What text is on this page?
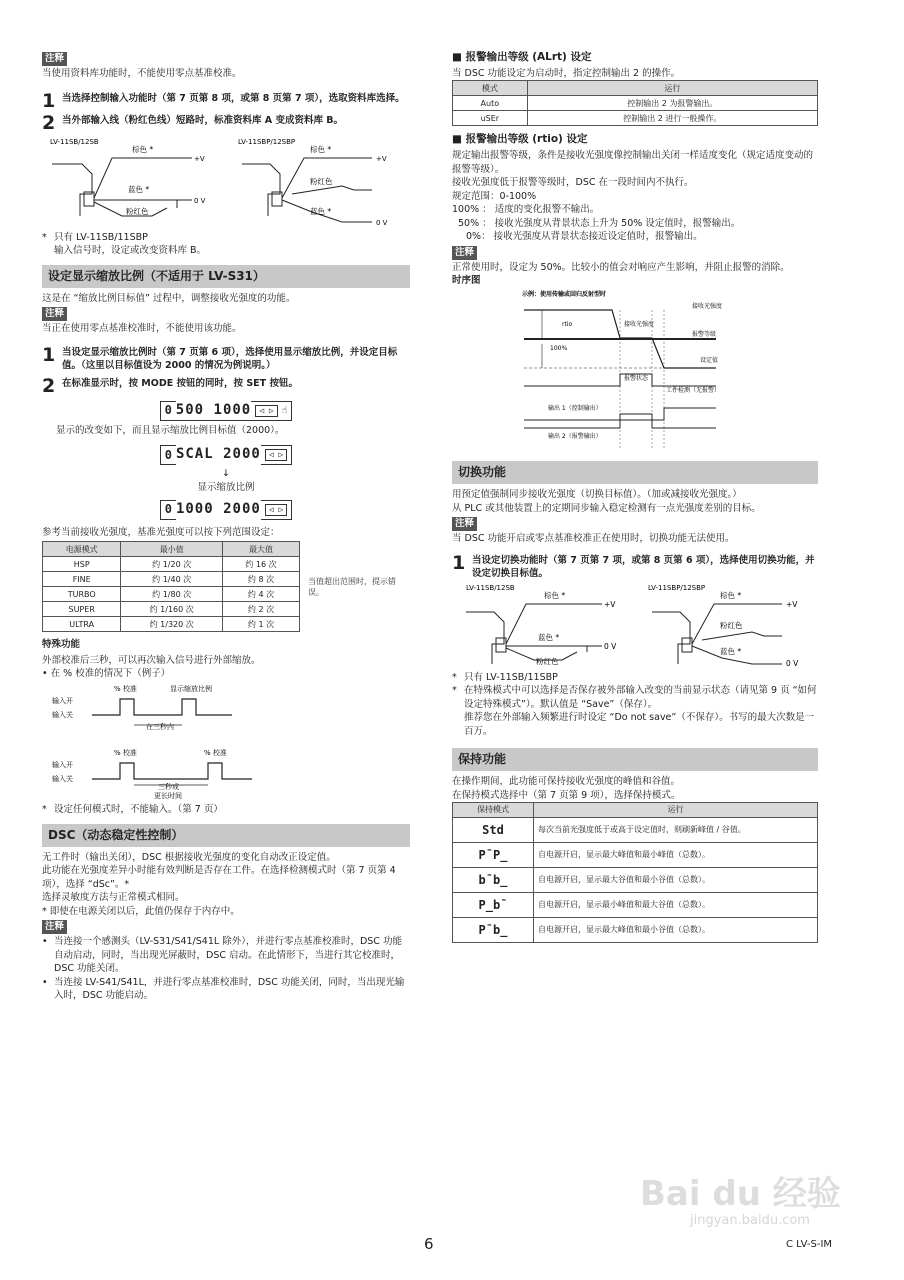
注释

当使用资料库功能时，不能使用零点基准校准。

1 当选择控制输入功能时（第 7 页第 8 项，或第 8 页第 7 项），选取资料库选择。
2 当外部输入线（粉红色线）短路时，标准资料库 A 变成资料库 B。
LV-11SB/12SB	LV-11SBP/12SBP
棕色 *
+V
蓝色 *
0 V
粉红色
棕色 *
+V
粉红色
蓝色 *
0 V
* 只有 LV-11SB/11SBP
输入信号时，设定或改变资料库 B。
设定显示缩放比例（不适用于 LV-S31）

这是在 “缩放比例目标值” 过程中，调整接收光强度的功能。

注释

当正在使用零点基准校准时，不能使用该功能。

1 当设定显示缩放比例时（第 7 页第 6 项），选择使用显示缩放比例，并设定目标值。（这里以目标值设为 2000 的情况为例说明。）
2 在标准显示时，按 MODE 按钮的同时，按 SET 按钮。
0 500 1000	◁ ▷ ☝

显示的改变如下，而且显示缩放比例目标值（2000）。

0 SCAL 2000	◁ ▷

↓

显示缩放比例

0 1000 2000	◁ ▷

参考当前接收光强度，基准光强度可以按下列范围设定：

电源模式	最小值	最大值
HSP	约 1/20 次	约 16 次
FINE	约 1/40 次	约 8 次
TURBO	约 1/80 次	约 4 次
SUPER	约 1/160 次	约 2 次
ULTRA	约 1/320 次	约 1 次

当值超出范围时，提示错误。

特殊功能

外部校准后三秒，可以再次输入信号进行外部缩放。

• 在 % 校准的情况下（例子）

输入开
输入关
% 校准	显示缩放比例
在三秒内
输入开
输入关
% 校准	% 校准
三秒或
更长时间
* 设定任何模式时，不能输入。（第 7 页）
DSC（动态稳定性控制）

无工件时（输出关闭），DSC 根据接收光强度的变化自动改正设定值。

此功能在光强度差异小时能有效判断是否存在工件。在选择检测模式时（第 7 页第 4 项），选择 “dSc”。*

选择灵敏度方法与正常模式相同。

* 即使在电源关闭以后，此值仍保存于内存中。

注释
• 当连接一个感测头（LV-S31/S41/S41L 除外），并进行零点基准校准时，DSC 功能自动启动，同时，当出现光屏蔽时，DSC 启动。在此情形下，当进行其它校准时，DSC 功能关闭。
• 当连接 LV-S41/S41L，并进行零点基准校准时，DSC 功能关闭，同时，当出现光输入时，DSC 功能启动。

■ 报警输出等级 (ALrt) 设定

当 DSC 功能设定为启动时，指定控制输出 2 的操作。

模式	运行
Auto	控制输出 2 为报警输出。
uSEr	控制输出 2 进行一般操作。

■ 报警输出等级 (rtio) 设定

规定输出报警等级，条件是接收光强度像控制输出关闭一样适度变化（规定适度变动的报警等级）。

接收光强度低于报警等级时，DSC 在一段时间内不执行。

规定范围：0-100%

100% ： 适度的变化报警不输出。

50% ： 接收光强度从背景状态上升为 50% 设定值时，报警输出。

0%： 接收光强度从背景状态接近设定值时，报警输出。

注释

正常使用时，设定为 50%。比较小的值会对响应产生影响，并阻止报警的消除。

时序图

示例：使用传输或回归反射型时
接收光强度
rtio	接收光强度
报警等级
100%
设定值
报警状态
工件检测（无报警）
输出 1（控制输出）
输出 2（报警输出）
切换功能

用预定值强制同步接收光强度（切换目标值）。（加或减接收光强度。）

从 PLC 或其他装置上的定期同步输入稳定检测有一点光强度差别的目标。

注释

当 DSC 功能开启或零点基准校准正在使用时，切换功能无法使用。

1 当设定切换功能时（第 7 页第 7 项，或第 8 页第 6 项），选择使用切换功能，并设定切换目标值。
LV-11SB/12SB	LV-11SBP/12SBP
棕色 *
+V
蓝色 *
0 V
粉红色
棕色 *
+V
粉红色
蓝色 *
0 V
* 只有 LV-11SB/11SBP
* 在特殊模式中可以选择是否保存被外部输入改变的当前显示状态（请见第 9 页 “如何设定特殊模式”）。默认值是 “Save”（保存）。
推荐您在外部输入频繁进行时设定 “Do not save”（不保存）。书写的最大次数是一百万。
保持功能

在操作期间，此功能可保持接收光强度的峰值和谷值。

在保持模式选择中（第 7 页第 9 项），选择保持模式。

保持模式	运行
Std	每次当前光强度低于或高于设定值时，则刷新峰值 / 谷值。
P¯P_	自电源开启，显示最大峰值和最小峰值（总数）。
b¯b_	自电源开启，显示最大谷值和最小谷值（总数）。
P_b¯	自电源开启，显示最小峰值和最大谷值（总数）。
P¯b_	自电源开启，显示最大峰值和最小谷值（总数）。
6	C LV-S-IM
Bai du 经验
jingyan.baidu.com
